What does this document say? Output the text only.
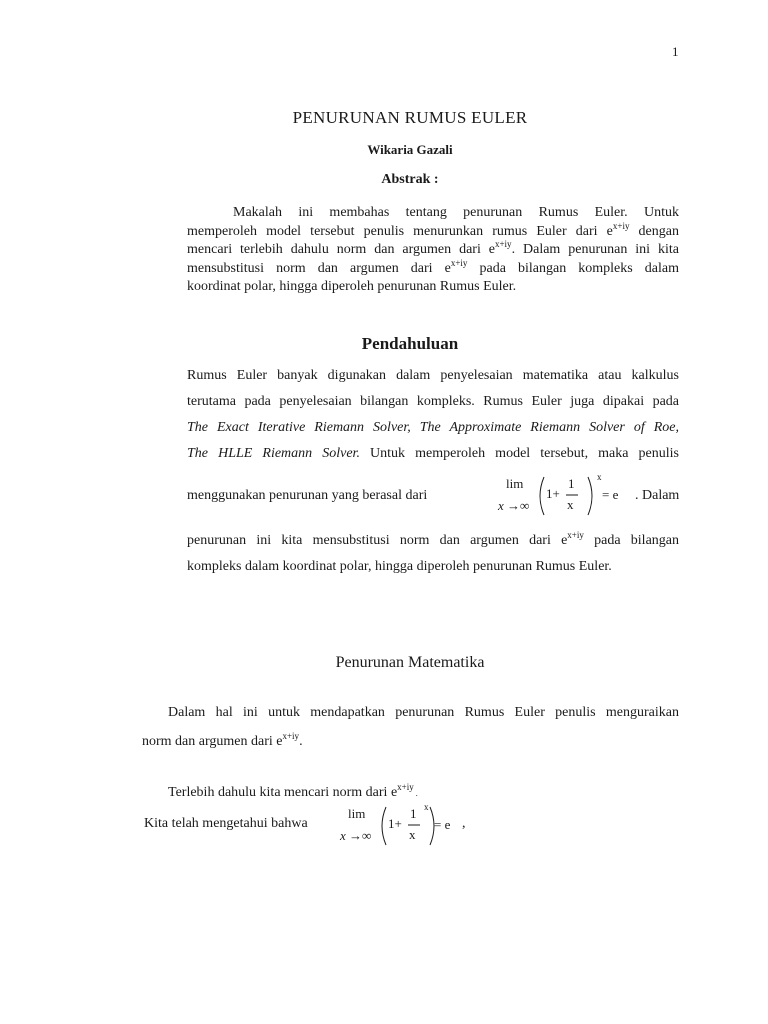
1
PENURUNAN RUMUS EULER
Wikaria Gazali
Abstrak :
Makalah ini membahas tentang penurunan Rumus Euler. Untuk
memperoleh model tersebut penulis menurunkan rumus Euler dari $e^{x+iy}$ dengan
mencari terlebih dahulu norm dan argumen dari $e^{x+iy}$. Dalam penurunan ini kita
mensubstitusi norm dan argumen dari $e^{x+iy}$ pada bilangan kompleks dalam
koordinat polar, hingga diperoleh penurunan Rumus Euler.
Pendahuluan
Rumus Euler banyak digunakan dalam penyelesaian matematika atau kalkulus
terutama pada penyelesaian bilangan kompleks. Rumus Euler juga dipakai pada
The Exact Iterative Riemann Solver, The Approximate Riemann Solver of Roe,
The HLLE Riemann Solver. Untuk memperoleh model tersebut, maka penulis
menggunakan penurunan yang berasal dari	. Dalam
penurunan ini kita mensubstitusi norm dan argumen dari $e^{x+iy}$ pada bilangan
kompleks dalam koordinat polar, hingga diperoleh penurunan Rumus Euler.
lim
x →∞
1+
1
x
x
= e
Penurunan Matematika
Dalam hal ini untuk mendapatkan penurunan Rumus Euler penulis menguraikan
norm dan argumen dari $e^{x+iy}$.
Terlebih dahulu kita mencari norm dari $e^{x+iy}$ .
Kita telah mengetahui bahwa
lim
x →∞
1+
1
x
x
= e ,
